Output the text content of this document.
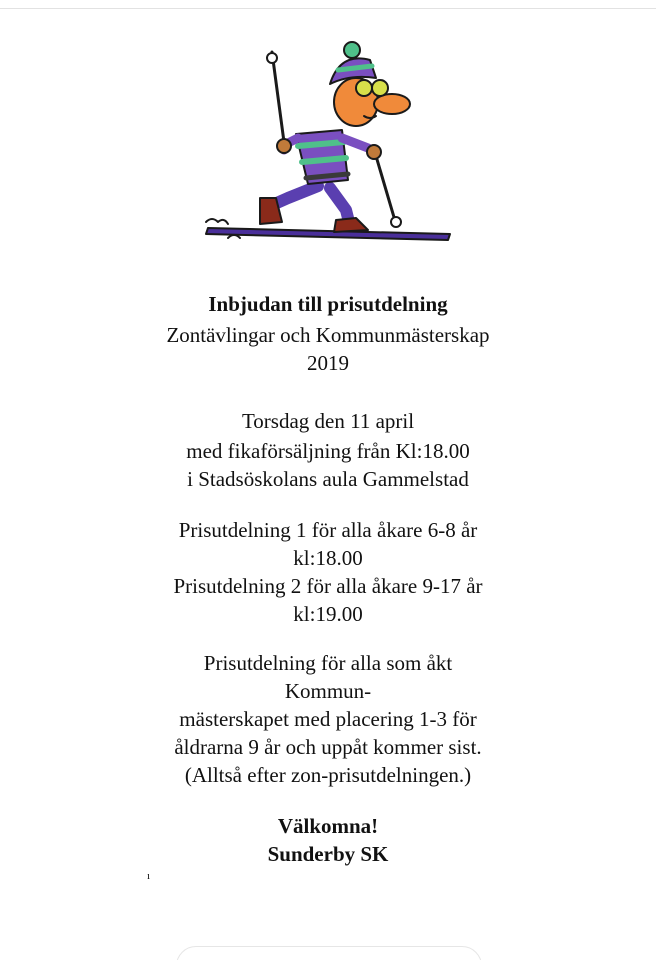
Inbjudan till prisutdelning
Zontävlingar och Kommunmästerskap
2019
Torsdag den 11 april
med fikaförsäljning från Kl:18.00
i Stadsöskolans aula Gammelstad
Prisutdelning 1 för alla åkare 6-8 år
kl:18.00
Prisutdelning 2 för alla åkare 9-17 år
kl:19.00
Prisutdelning för alla som åkt
Kommun-
mästerskapet med placering 1-3 för
åldrarna 9 år och uppåt kommer sist.
(Alltså efter zon-prisutdelningen.)
Välkomna!
Sunderby SK
ı
